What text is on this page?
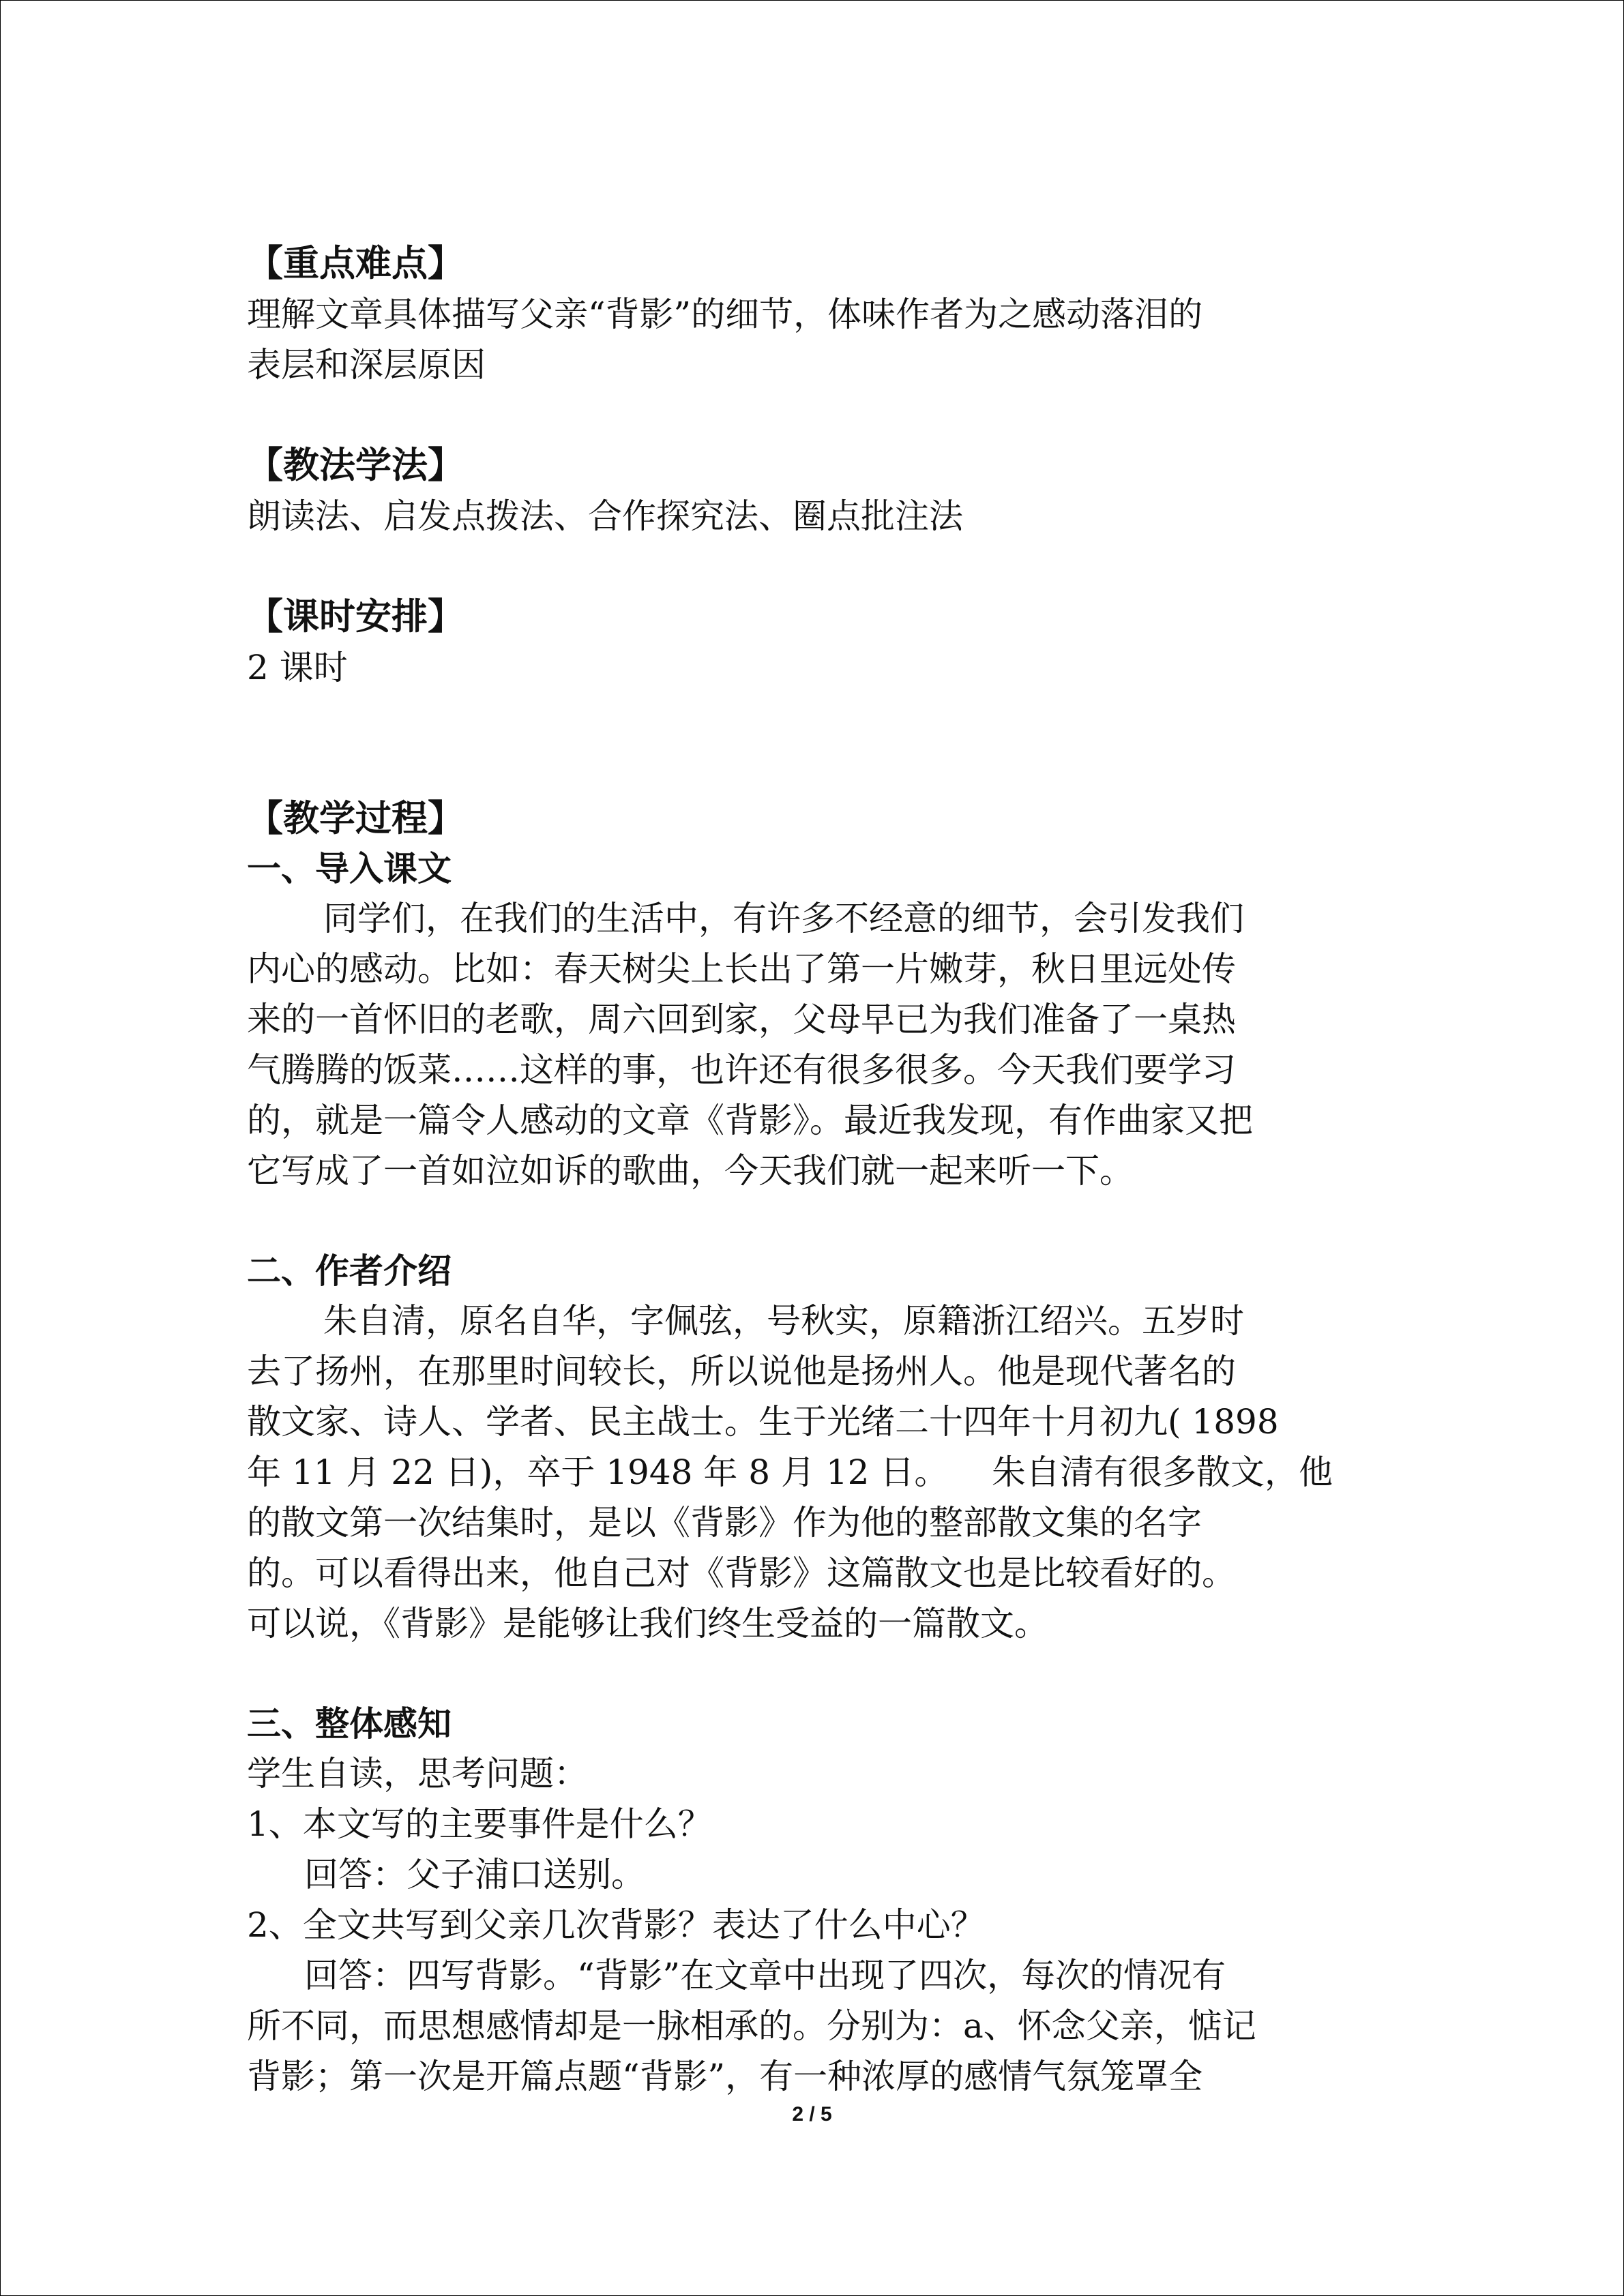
【重点难点】

理解文章具体描写父亲“背影”的细节，体味作者为之感动落泪的

表层和深层原因

【教法学法】

朗读法、启发点拨法、合作探究法、圈点批注法

【课时安排】

2 课时

【教学过程】

一、导入课文

同学们，在我们的生活中，有许多不经意的细节，会引发我们

内心的感动。比如：春天树尖上长出了第一片嫩芽，秋日里远处传

来的一首怀旧的老歌，周六回到家，父母早已为我们准备了一桌热

气腾腾的饭菜……这样的事，也许还有很多很多。今天我们要学习

的，就是一篇令人感动的文章《背影》。最近我发现，有作曲家又把

它写成了一首如泣如诉的歌曲，今天我们就一起来听一下。

二、作者介绍

朱自清，原名自华，字佩弦，号秋实，原籍浙江绍兴。五岁时

去了扬州，在那里时间较长，所以说他是扬州人。他是现代著名的

散文家、诗人、学者、民主战士。生于光绪二十四年十月初九( 1898

年 11 月 22 日)，卒于 1948 年 8 月 12 日。    朱自清有很多散文，他

的散文第一次结集时，是以《背影》作为他的整部散文集的名字

的。可以看得出来，他自己对《背影》这篇散文也是比较看好的。

可以说，《背影》是能够让我们终生受益的一篇散文。

三、整体感知

学生自读，思考问题：

1、本文写的主要事件是什么？

回答：父子浦口送别。

2、全文共写到父亲几次背影？表达了什么中心？

回答：四写背影。“背影”在文章中出现了四次，每次的情况有

所不同，而思想感情却是一脉相承的。分别为：a、怀念父亲，惦记

背影；第一次是开篇点题“背影”，有一种浓厚的感情气氛笼罩全

2 / 5
